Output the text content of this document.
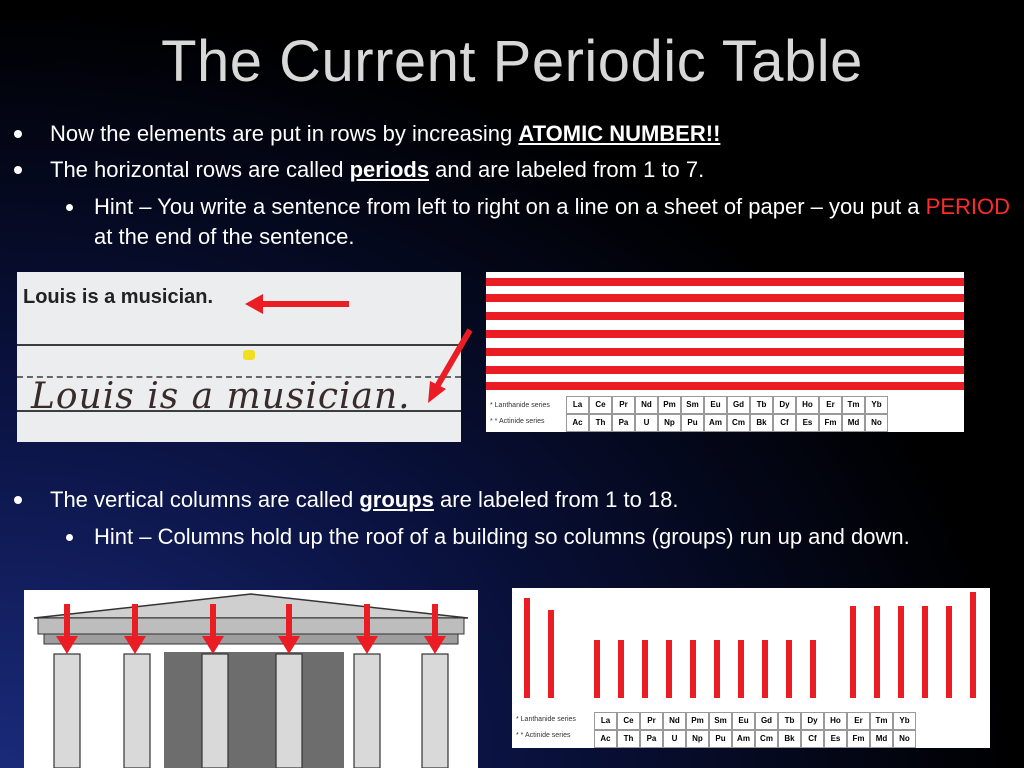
The Current Periodic Table
Now the elements are put in rows by increasing ATOMIC NUMBER!!
The horizontal rows are called periods and are labeled from 1 to 7.
Hint – You write a sentence from left to right on a line on a sheet of paper – you put a PERIOD at the end of the sentence.
Louis is a musician.
Louis is a musician.	* Lanthanide series
* * Actinide series
La	Ce	Pr	Nd	Pm	Sm	Eu	Gd	Tb	Dy	Ho	Er	Tm	Yb
Ac	Th	Pa	U	Np	Pu	Am	Cm	Bk	Cf	Es	Fm	Md	No
The vertical columns are called groups are labeled from 1 to 18.
Hint – Columns hold up the roof of a building so columns (groups) run up and down.
* Lanthanide series
* * Actinide series
La	Ce	Pr	Nd	Pm	Sm	Eu	Gd	Tb	Dy	Ho	Er	Tm	Yb
Ac	Th	Pa	U	Np	Pu	Am	Cm	Bk	Cf	Es	Fm	Md	No
